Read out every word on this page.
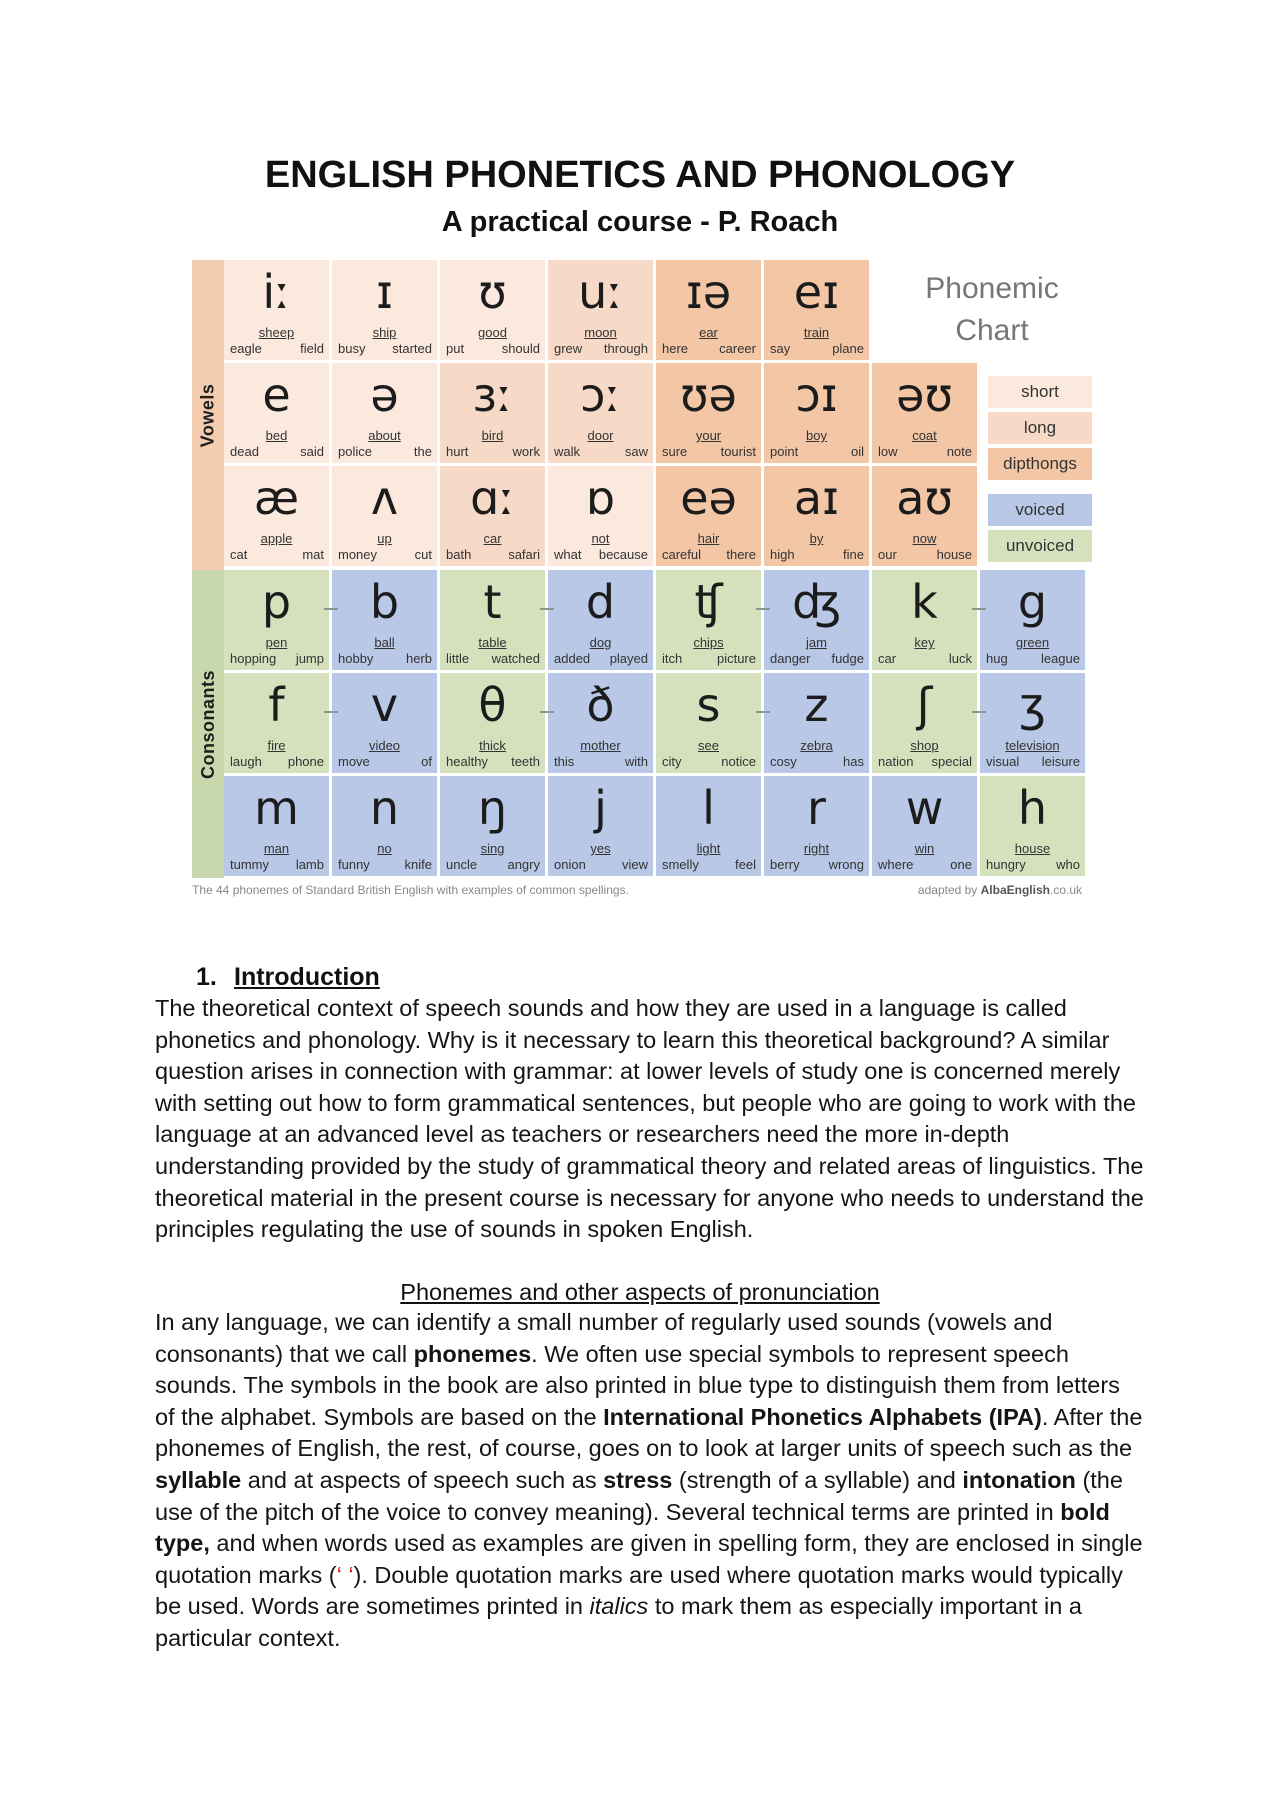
ENGLISH PHONETICS AND PHONOLOGY
A practical course - P. Roach
Vowels
Consonants
Phonemic
Chart
short
long
dipthongs
voiced
unvoiced
The 44 phonemes of Standard British English with examples of common spellings.	adapted by AlbaEnglish.co.uk
iː
sheep
eagle	field
ɪ
ship
busy started
ʊ
good
put	should
uː
moon
grew through
ɪə
ear
here career
eɪ
train
say	plane
e
bed
dead	said
ə
about
police	the
ɜː
bird
hurt	work
ɔː
door
walk	saw
ʊə
your
sure	tourist
ɔɪ
boy
point	oil
əʊ
coat
low	note
æ
apple
cat	mat
ʌ
up
money	cut
ɑː
car
bath	safari
ɒ
not
what because
eə
hair
careful there
aɪ
by
high	fine
aʊ
now
our	house
p
pen
hopping jump
b
ball
hobby	herb
t
table
little watched
d
dog
added played
ʧ
chips
itch	picture
ʤ
jam
danger fudge
k
key
car	luck
g
green
hug	league
f
fire
laugh phone
v
video
move	of
θ
thick
healthy teeth
ð
mother
this	with
s
see
city	notice
z
zebra
cosy	has
ʃ
shop
nation special
ʒ
television
visual leisure
m
man
tummy lamb
n
no
funny	knife
ŋ
sing
uncle angry
j
yes
onion	view
l
light
smelly	feel
r
right
berry wrong
w
win
where	one
h
house
hungry who
1. Introduction

The theoretical context of speech sounds and how they are used in a language is called phonetics and phonology. Why is it necessary to learn this theoretical background? A similar question arises in connection with grammar: at lower levels of study one is concerned merely with setting out how to form grammatical sentences, but people who are going to work with the language at an advanced level as teachers or researchers need the more in-depth understanding provided by the study of grammatical theory and related areas of linguistics. The theoretical material in the present course is necessary for anyone who needs to understand the principles regulating the use of sounds in spoken English.

Phonemes and other aspects of pronunciation

In any language, we can identify a small number of regularly used sounds (vowels and consonants) that we call phonemes. We often use special symbols to represent speech sounds. The symbols in the book are also printed in blue type to distinguish them from letters of the alphabet. Symbols are based on the International Phonetics Alphabets (IPA). After the phonemes of English, the rest, of course, goes on to look at larger units of speech such as the syllable and at aspects of speech such as stress (strength of a syllable) and intonation (the use of the pitch of the voice to convey meaning). Several technical terms are printed in bold type, and when words used as examples are given in spelling form, they are enclosed in single quotation marks (‘ ‘). Double quotation marks are used where quotation marks would typically be used. Words are sometimes printed in italics to mark them as especially important in a particular context.
